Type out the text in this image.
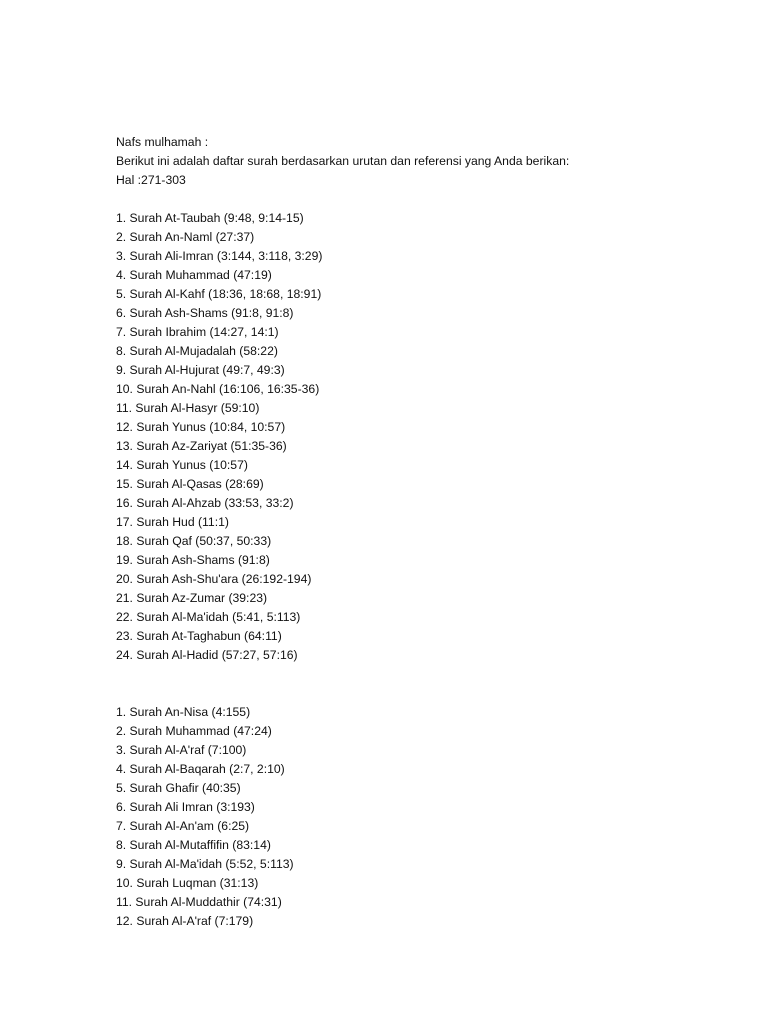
Nafs mulhamah :

Berikut ini adalah daftar surah berdasarkan urutan dan referensi yang Anda berikan:

Hal :271-303

1. Surah At-Taubah (9:48, 9:14-15)
2. Surah An-Naml (27:37)
3. Surah Ali-Imran (3:144, 3:118, 3:29)
4. Surah Muhammad (47:19)
5. Surah Al-Kahf (18:36, 18:68, 18:91)
6. Surah Ash-Shams (91:8, 91:8)
7. Surah Ibrahim (14:27, 14:1)
8. Surah Al-Mujadalah (58:22)
9. Surah Al-Hujurat (49:7, 49:3)
10. Surah An-Nahl (16:106, 16:35-36)
11. Surah Al-Hasyr (59:10)
12. Surah Yunus (10:84, 10:57)
13. Surah Az-Zariyat (51:35-36)
14. Surah Yunus (10:57)
15. Surah Al-Qasas (28:69)
16. Surah Al-Ahzab (33:53, 33:2)
17. Surah Hud (11:1)
18. Surah Qaf (50:37, 50:33)
19. Surah Ash-Shams (91:8)
20. Surah Ash-Shu'ara (26:192-194)
21. Surah Az-Zumar (39:23)
22. Surah Al-Ma'idah (5:41, 5:113)
23. Surah At-Taghabun (64:11)
24. Surah Al-Hadid (57:27, 57:16)
1. Surah An-Nisa (4:155)
2. Surah Muhammad (47:24)
3. Surah Al-A'raf (7:100)
4. Surah Al-Baqarah (2:7, 2:10)
5. Surah Ghafir (40:35)
6. Surah Ali Imran (3:193)
7. Surah Al-An'am (6:25)
8. Surah Al-Mutaffifin (83:14)
9. Surah Al-Ma'idah (5:52, 5:113)
10. Surah Luqman (31:13)
11. Surah Al-Muddathir (74:31)
12. Surah Al-A'raf (7:179)
